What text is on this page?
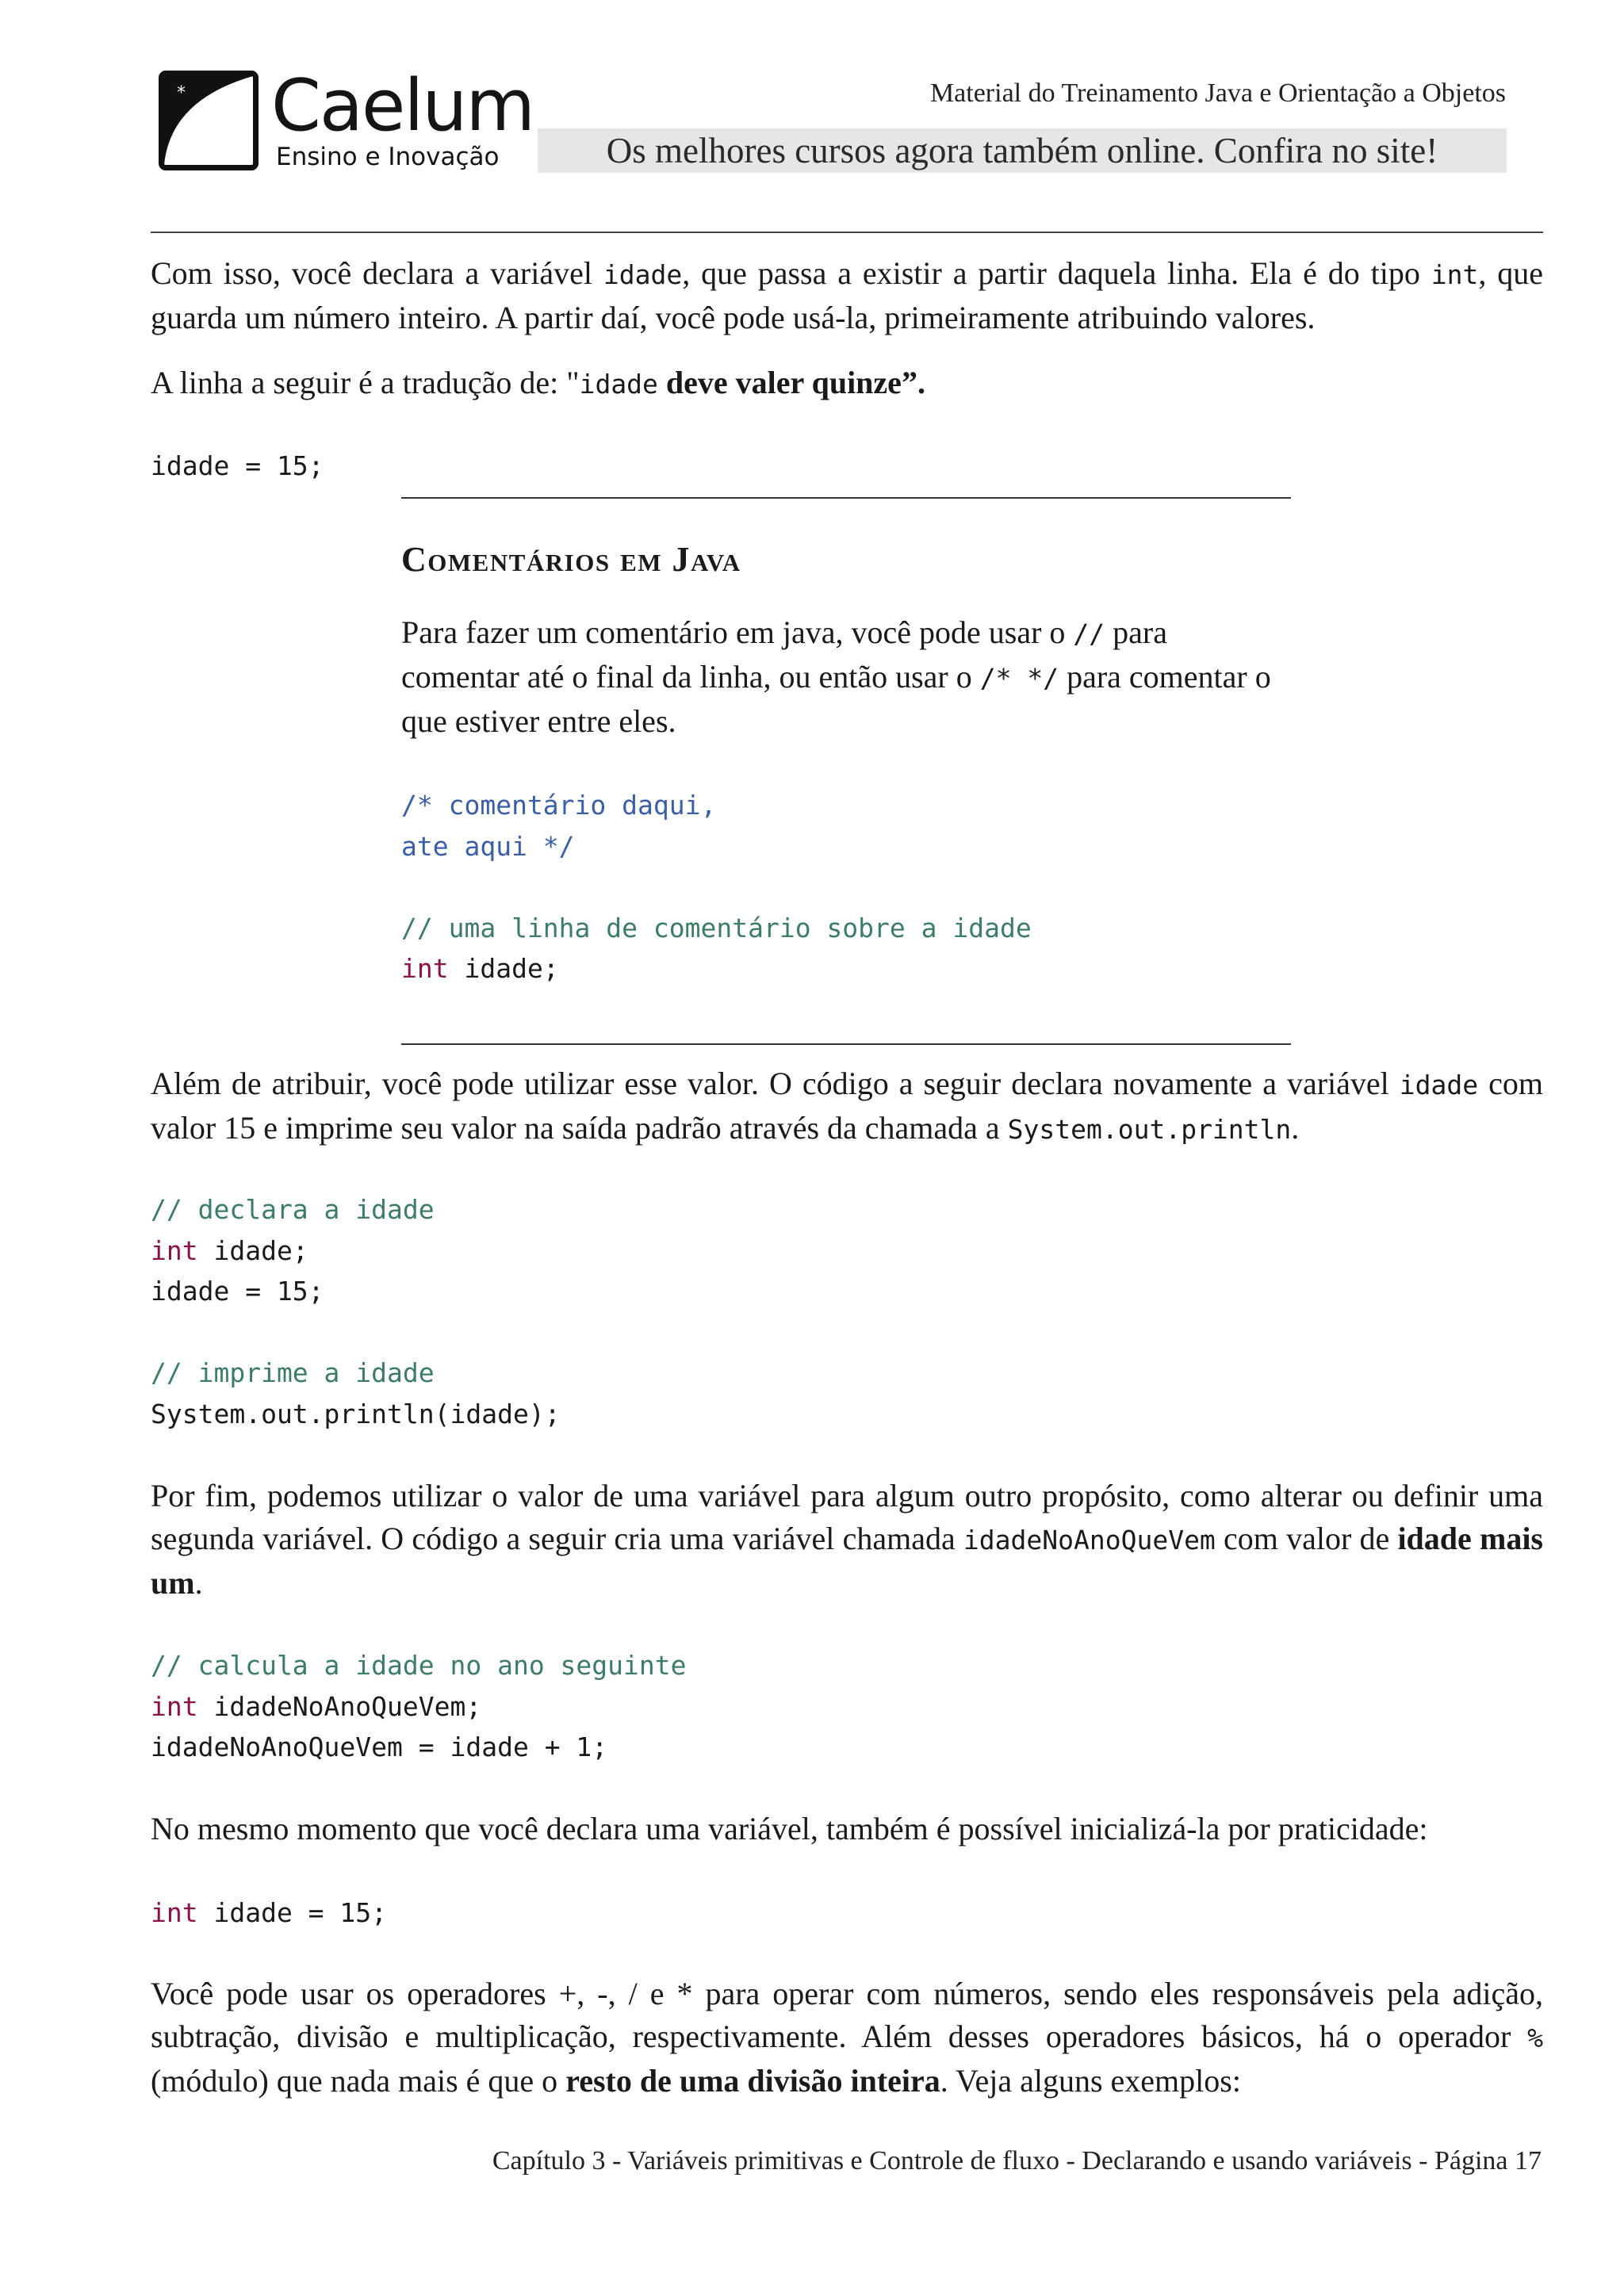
* Caelum
Ensino e Inovação
Material do Treinamento Java e Orientação a Objetos
Os melhores cursos agora também online. Confira no site!
Com isso, você declara a variável idade, que passa a existir a partir daquela linha. Ela é do tipo int, que guarda um número inteiro. A partir daí, você pode usá-la, primeiramente atribuindo valores.
A linha a seguir é a tradução de: "idade deve valer quinze”.
idade = 15;
Comentários em Java
Para fazer um comentário em java, você pode usar o // para comentar até o final da linha, ou então usar o /* */ para comentar o que estiver entre eles.
/* comentário daqui,
ate aqui */

// uma linha de comentário sobre a idade
int idade;
Além de atribuir, você pode utilizar esse valor. O código a seguir declara novamente a variável idade com valor 15 e imprime seu valor na saída padrão através da chamada a System.out.println.
// declara a idade
int idade;
idade = 15;

// imprime a idade
System.out.println(idade);
Por fim, podemos utilizar o valor de uma variável para algum outro propósito, como alterar ou definir uma segunda variável. O código a seguir cria uma variável chamada idadeNoAnoQueVem com valor de idade mais um.
// calcula a idade no ano seguinte
int idadeNoAnoQueVem;
idadeNoAnoQueVem = idade + 1;
No mesmo momento que você declara uma variável, também é possível inicializá-la por praticidade:
int idade = 15;
Você pode usar os operadores +, -, / e * para operar com números, sendo eles responsáveis pela adição, subtração, divisão e multiplicação, respectivamente. Além desses operadores básicos, há o operador % (módulo) que nada mais é que o resto de uma divisão inteira. Veja alguns exemplos:
Capítulo 3 - Variáveis primitivas e Controle de fluxo - Declarando e usando variáveis - Página 17
